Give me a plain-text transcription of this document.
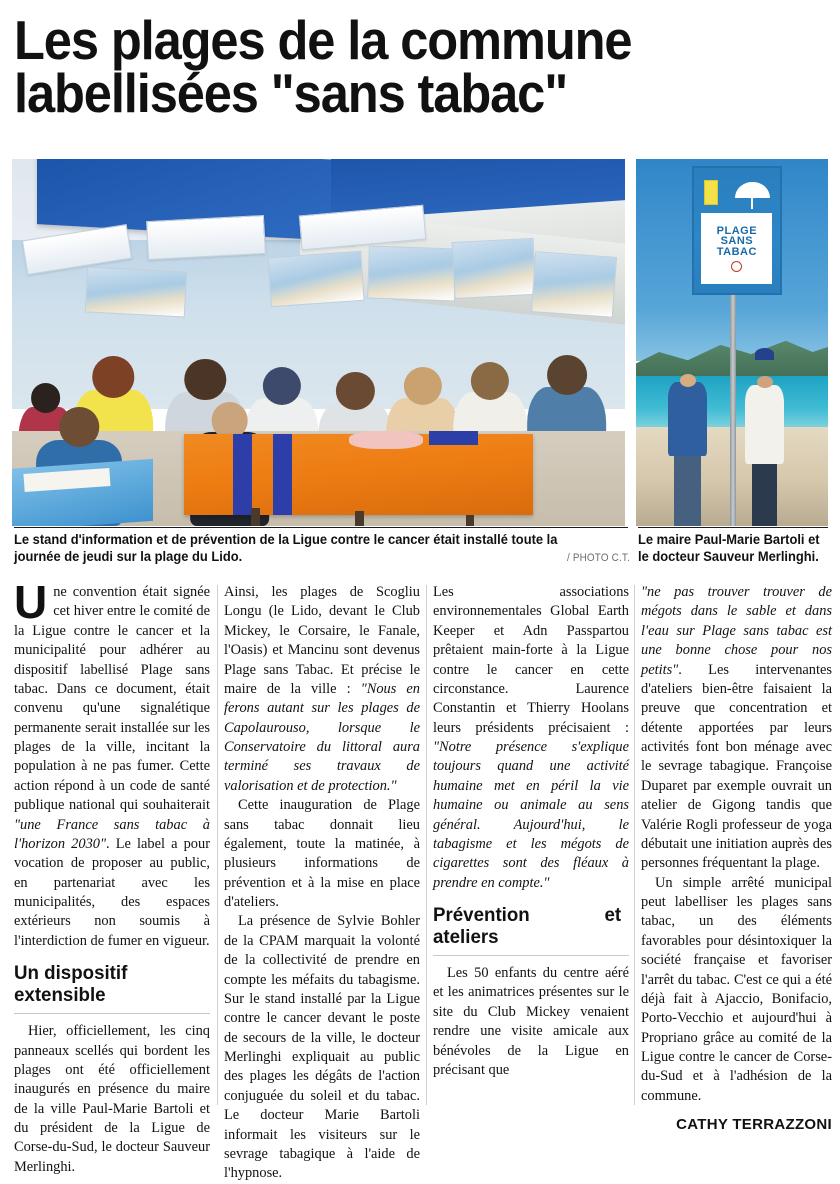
Les plages de la commune
labellisées "sans tabac"
PLAGE
SANS
TABAC
Le stand d'information et de prévention de la Ligue contre le cancer était installé toute la journée de jeudi sur la plage du Lido.	/ PHOTO C.T.
Le maire Paul-Marie Bartoli et le docteur Sauveur Merlinghi.

Une convention était signée cet hiver entre le comité de la Ligue contre le cancer et la municipalité pour adhérer au dispositif labellisé Plage sans tabac. Dans ce document, était convenu qu'une signalétique permanente serait installée sur les plages de la ville, incitant la population à ne pas fumer. Cette action répond à un code de santé publique national qui souhaiterait "une France sans tabac à l'horizon 2030". Le label a pour vocation de proposer au public, en partenariat avec les municipalités, des espaces extérieurs non soumis à l'interdiction de fumer en vigueur.

Un dispositif
extensible

Hier, officiellement, les cinq panneaux scellés qui bordent les plages ont été officiellement inaugurés en présence du maire de la ville Paul-Marie Bartoli et du président de la Ligue de Corse-du-Sud, le docteur Sauveur Merlinghi.

Ainsi, les plages de Scogliu Longu (le Lido, devant le Club Mickey, le Corsaire, le Fanale, l'Oasis) et Mancinu sont devenus Plage sans Tabac. Et précise le maire de la ville : "Nous en ferons autant sur les plages de Capolaurouso, lorsque le Conservatoire du littoral aura terminé ses travaux de valorisation et de protection."

Cette inauguration de Plage sans tabac donnait lieu également, toute la matinée, à plusieurs informations de prévention et à la mise en place d'ateliers.

La présence de Sylvie Bohler de la CPAM marquait la volonté de la collectivité de prendre en compte les méfaits du tabagisme. Sur le stand installé par la Ligue contre le cancer devant le poste de secours de la ville, le docteur Merlinghi expliquait au public des plages les dégâts de l'action conjuguée du soleil et du tabac. Le docteur Marie Bartoli informait les visiteurs sur le sevrage tabagique à l'aide de l'hypnose.

Les associations environnementales Global Earth Keeper et Adn Passpartou prêtaient main-forte à la Ligue contre le cancer en cette circonstance. Laurence Constantin et Thierry Hoolans leurs présidents précisaient : "Notre présence s'explique toujours quand une activité humaine met en péril la vie humaine ou animale au sens général. Aujourd'hui, le tabagisme et les mégots de cigarettes sont des fléaux à prendre en compte."

Prévention et ateliers

Les 50 enfants du centre aéré et les animatrices présentes sur le site du Club Mickey venaient rendre une visite amicale aux bénévoles de la Ligue en précisant que

"ne pas trouver trouver de mégots dans le sable et dans l'eau sur Plage sans tabac est une bonne chose pour nos petits". Les intervenantes d'ateliers bien-être faisaient la preuve que concentration et détente apportées par leurs activités font bon ménage avec le sevrage tabagique. Françoise Duparet par exemple ouvrait un atelier de Gigong tandis que Valérie Rogli professeur de yoga débutait une initiation auprès des personnes fréquentant la plage.

Un simple arrêté municipal peut labelliser les plages sans tabac, un des éléments favorables pour désintoxiquer la société française et favoriser l'arrêt du tabac. C'est ce qui a été déjà fait à Ajaccio, Bonifacio, Porto-Vecchio et aujourd'hui à Propriano grâce au comité de la Ligue contre le cancer de Corse-du-Sud et à l'adhésion de la commune.

CATHY TERRAZZONI
